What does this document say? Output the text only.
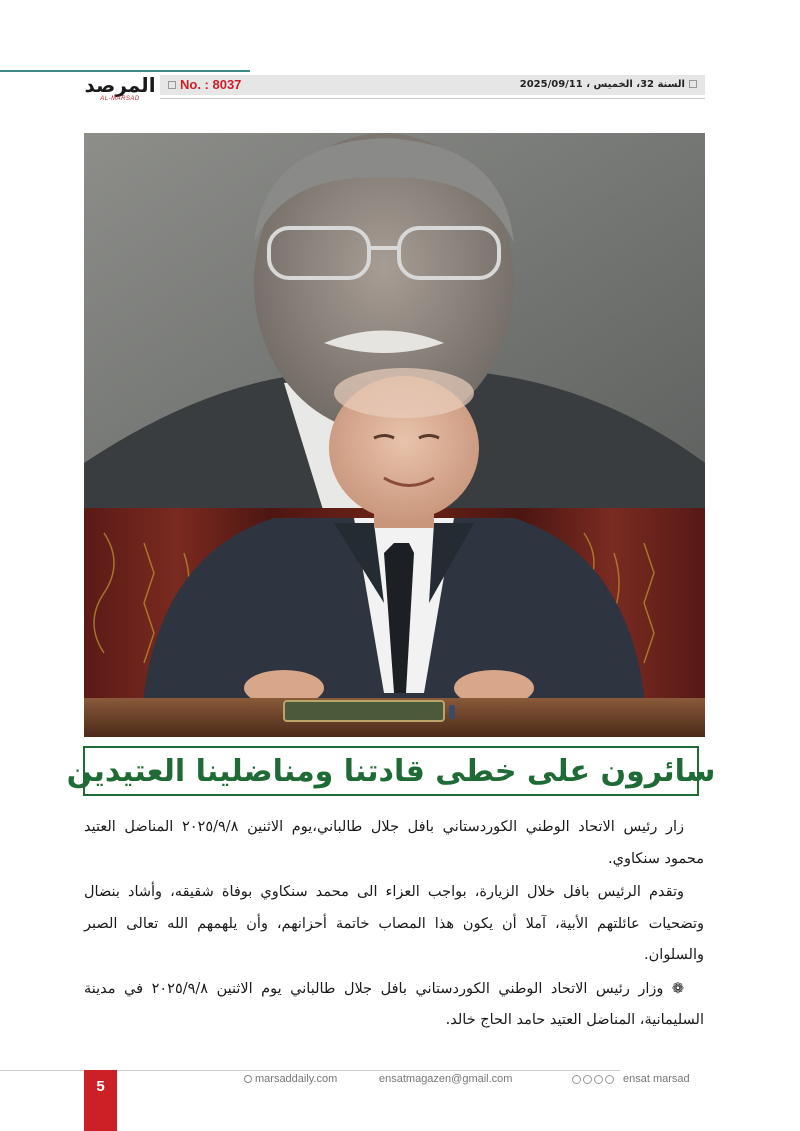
المرصد
AL-MARSAD
No. : 8037	السنة 32، الخميس ، 2025/09/11
سائرون على خطى قادتنا ومناضلينا العتيدين

زار رئيس الاتحاد الوطني الكوردستاني بافل جلال طالباني،يوم الاثنين ٢٠٢٥/٩/٨ المناضل العتيد محمود سنكاوي.

وتقدم الرئيس بافل خلال الزيارة، بواجب العزاء الى محمد سنكاوي بوفاة شقيقه، وأشاد بنضال وتضحيات عائلتهم الأبية، آملا أن يكون هذا المصاب خاتمة أحزانهم، وأن يلهمهم الله تعالى الصبر والسلوان.

❁ وزار رئيس الاتحاد الوطني الكوردستاني بافل جلال طالباني يوم الاثنين ٢٠٢٥/٩/٨ في مدينة السليمانية، المناضل العتيد حامد الحاج خالد.

5	marsaddaily.com	ensatmagazen@gmail.com	ensat marsad
